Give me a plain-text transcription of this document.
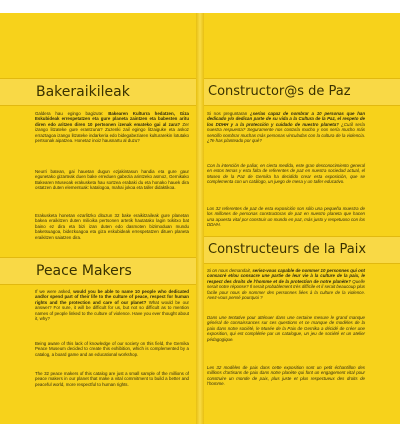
Bakeraikileak

Galdera hau egingo bagizute: Bakearen Kulturra hedatzen, Giza Eskubideak errespetatzen eta gure planeta zaintzen eta babesten aritu diren edo aritzen diren 10 pertsonen izenak emateko gai al zara? Zer izango litzateke gure erantzuna? Zuzenki zail egingo litzaiguke eta askoz erraztagoa izango litzateke indarkeria edo bidegabeziaren kulturarekin lotutako pertsonak aipatzea. Honetaz inoiz hausnartu al duzu?

Neurri batean, gai hauetan dugun ezjakintasun handia eta gure gaur egunetako gizarteak duen bake erreduen gabezia arintzeko asmoz, Gernikako Bakearen Museoak erakusketa hau sortzea erabaki du eta honako hauek dira ostatzen duten elementuak: katalogoa, mahai jokoa eta taller didaktikoa.

Erakusketa honetan ezarlitzko dituzun 32 bake eraikitzaileak gure planetan bakea eraikitzen duten milioika pertsonen artetik hautatako lagin txikitxo bat baino ez dira eta bizi izan duten edo dasmoten bizimoduan mundu baketsuagoa, bidezkoagoa eta giza eskubideak errespetatzen dituen planeta eraikitzen saiatzen dira.

Peace Makers

If we were asked, would you be able to name 10 people who dedicated and/or spend part of their life to the culture of peace, respect for human rights and the protection and care of our planet? What would be our answer? For sure, it will be difficult for us, but not so difficult as to mention names of people linked to the culture of violence. Have you ever thought about it, why?

Being aware of this lack of knowledge of our society on this field, the Gernika Peace Museum decided to create this exhibition, which is complemented by a catalog, a board game and an educational workshop.

The 32 peace makers of this catalog are just a small sample of the millions of peace makers in our planet that make a vital commitment to build a better and peaceful world, more respectful to human rights.

Constructor@s de Paz

Si nos preguntaran ¿serías capaz de nombrar a 10 personas que han dedicado y/o dedican parte de su vida a la Cultura de la Paz, el respeto de los DDHH y a la protección y cuidado de nuestro planeta? ¿Cuál sería nuestra respuesta? Seguramente nos costaría mucho y nos sería mucho más sencillo nombrar muchas más personas vinculadas con la cultura de la violencia. ¿Te has planteado por qué?

Con la intención de paliar, en cierta medida, este gran desconocimiento general en estos temas y esta falta de referentes de paz en nuestra sociedad actual, el Museo de la Paz de Gernika ha decidido crear esta exposición, que se complementa con un catálogo, un juego de mesa y un taller educativo.

Los 32 referentes de paz de esta exposición son sólo una pequeña muestra de los millones de personas constructoras de paz en nuestro planeta que hacen una apuesta vital por construir un mundo en paz, más justo y respetuoso con los DDHH.

Constructeurs de la Paix

Si on nous demandait, seriez-vous capable de nommer 10 personnes qui ont consacré et/ou consacre une partie de leur vie à la culture de la paix, le respect des droits de l’homme et de la protection de notre planète? Quelle serait notre réponse? Il serait probablement très difficile et il serait beaucoup plus facile pour nous de nommer des personnes liées à la culture de la violence. Avez-vous pensé pourquoi ?

Dans une tentative pour atténuer dans une certaine mesure le grand manque général de connaissances sur ces questions et ce manque de modèles de la paix dans notre société, le Musée de la Paix de Gernika a décidé de créer une exposition, qui est complétée par un catalogue, un jeu de société et un atelier pédagogique.

Les 32 modèles de paix dans cette exposition sont un petit échantillon des millions d’artisans de paix dans notre planète qui font un engagement vital pour construire un monde de paix, plus juste et plus respectueux des droits de l’homme.
